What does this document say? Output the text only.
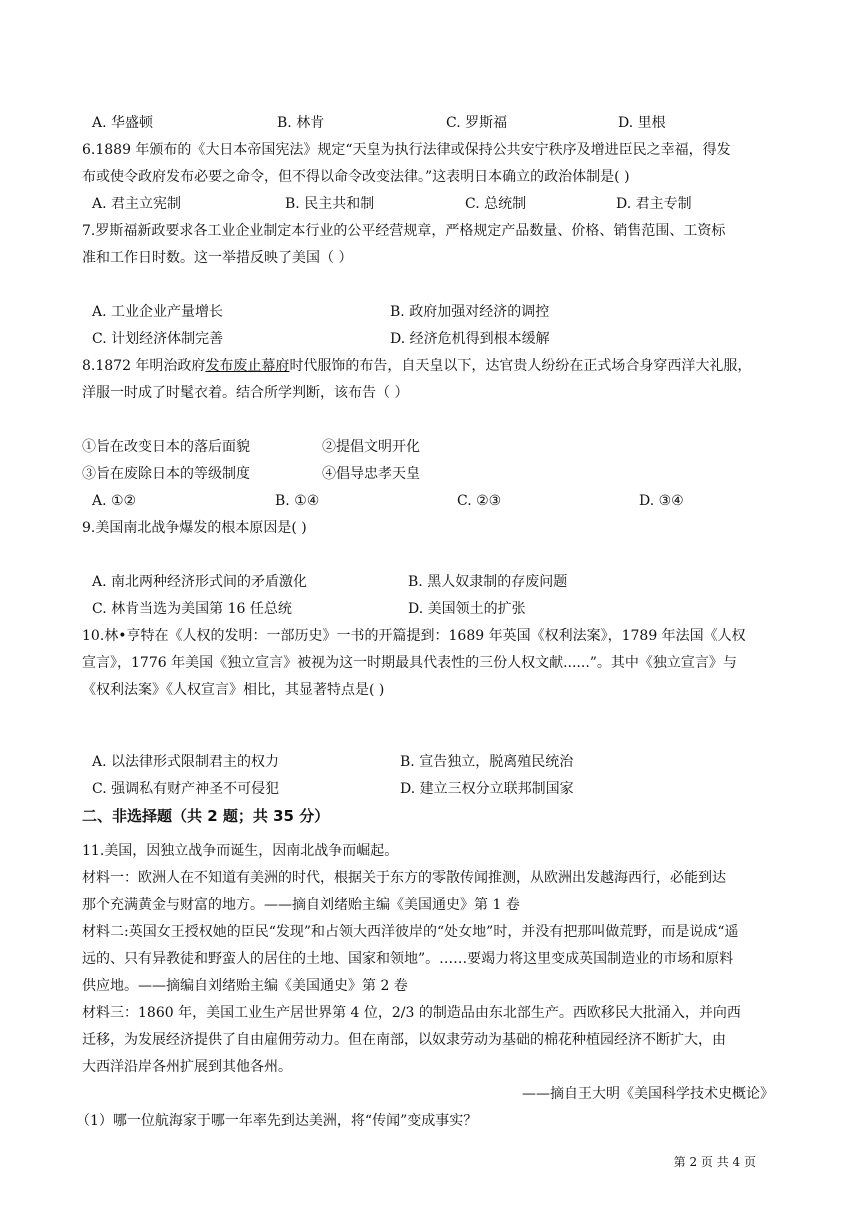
A. 华盛顿	B. 林肯	C. 罗斯福	D. 里根
6.1889 年颁布的《大日本帝国宪法》规定“天皇为执行法律或保持公共安宁秩序及增进臣民之幸福，得发
布或使令政府发布必要之命令，但不得以命令改变法律。”这表明日本确立的政治体制是( )
A. 君主立宪制	B. 民主共和制	C. 总统制	D. 君主专制
7.罗斯福新政要求各工业企业制定本行业的公平经营规章，严格规定产品数量、价格、销售范围、工资标
准和工作日时数。这一举措反映了美国（ ）
A. 工业企业产量增长	B. 政府加强对经济的调控
C. 计划经济体制完善	D. 经济危机得到根本缓解
8.1872 年明治政府发布废止幕府时代服饰的布告，自天皇以下，达官贵人纷纷在正式场合身穿西洋大礼服，
洋服一时成了时髦衣着。结合所学判断，该布告（ ）
①旨在改变日本的落后面貌	②提倡文明开化
③旨在废除日本的等级制度	④倡导忠孝天皇
A. ①②	B. ①④	C. ②③	D. ③④
9.美国南北战争爆发的根本原因是( )
A. 南北两种经济形式间的矛盾激化	B. 黑人奴隶制的存废问题
C. 林肯当选为美国第 16 任总统	D. 美国领土的扩张
10.林•亨特在《人权的发明：一部历史》一书的开篇提到：1689 年英国《权利法案》，1789 年法国《人权
宣言》，1776 年美国《独立宣言》被视为这一时期最具代表性的三份人权文献......”。其中《独立宣言》与
《权利法案》《人权宣言》相比，其显著特点是( )
A. 以法律形式限制君主的权力	B. 宣告独立，脱离殖民统治
C. 强调私有财产神圣不可侵犯	D. 建立三权分立联邦制国家
二、非选择题（共 2 题；共 35 分）
11.美国，因独立战争而诞生，因南北战争而崛起。
材料一：欧洲人在不知道有美洲的时代，根据关于东方的零散传闻推测，从欧洲出发越海西行，必能到达
那个充满黄金与财富的地方。——摘自刘绪贻主编《美国通史》第 1 卷
材料二:英国女王授权她的臣民“发现”和占领大西洋彼岸的“处女地”时，并没有把那叫做荒野，而是说成“遥
远的、只有异教徒和野蛮人的居住的土地、国家和领地”。……要竭力将这里变成英国制造业的市场和原料
供应地。——摘编自刘绪贻主编《美国通史》第 2 卷
材料三：1860 年，美国工业生产居世界第 4 位，2/3 的制造品由东北部生产。西欧移民大批涌入，并向西
迁移，为发展经济提供了自由雇佣劳动力。但在南部，以奴隶劳动为基础的棉花种植园经济不断扩大，由
大西洋沿岸各州扩展到其他各州。
——摘自王大明《美国科学技术史概论》
（1）哪一位航海家于哪一年率先到达美洲，将“传闻”变成事实？
第 2 页 共 4 页
